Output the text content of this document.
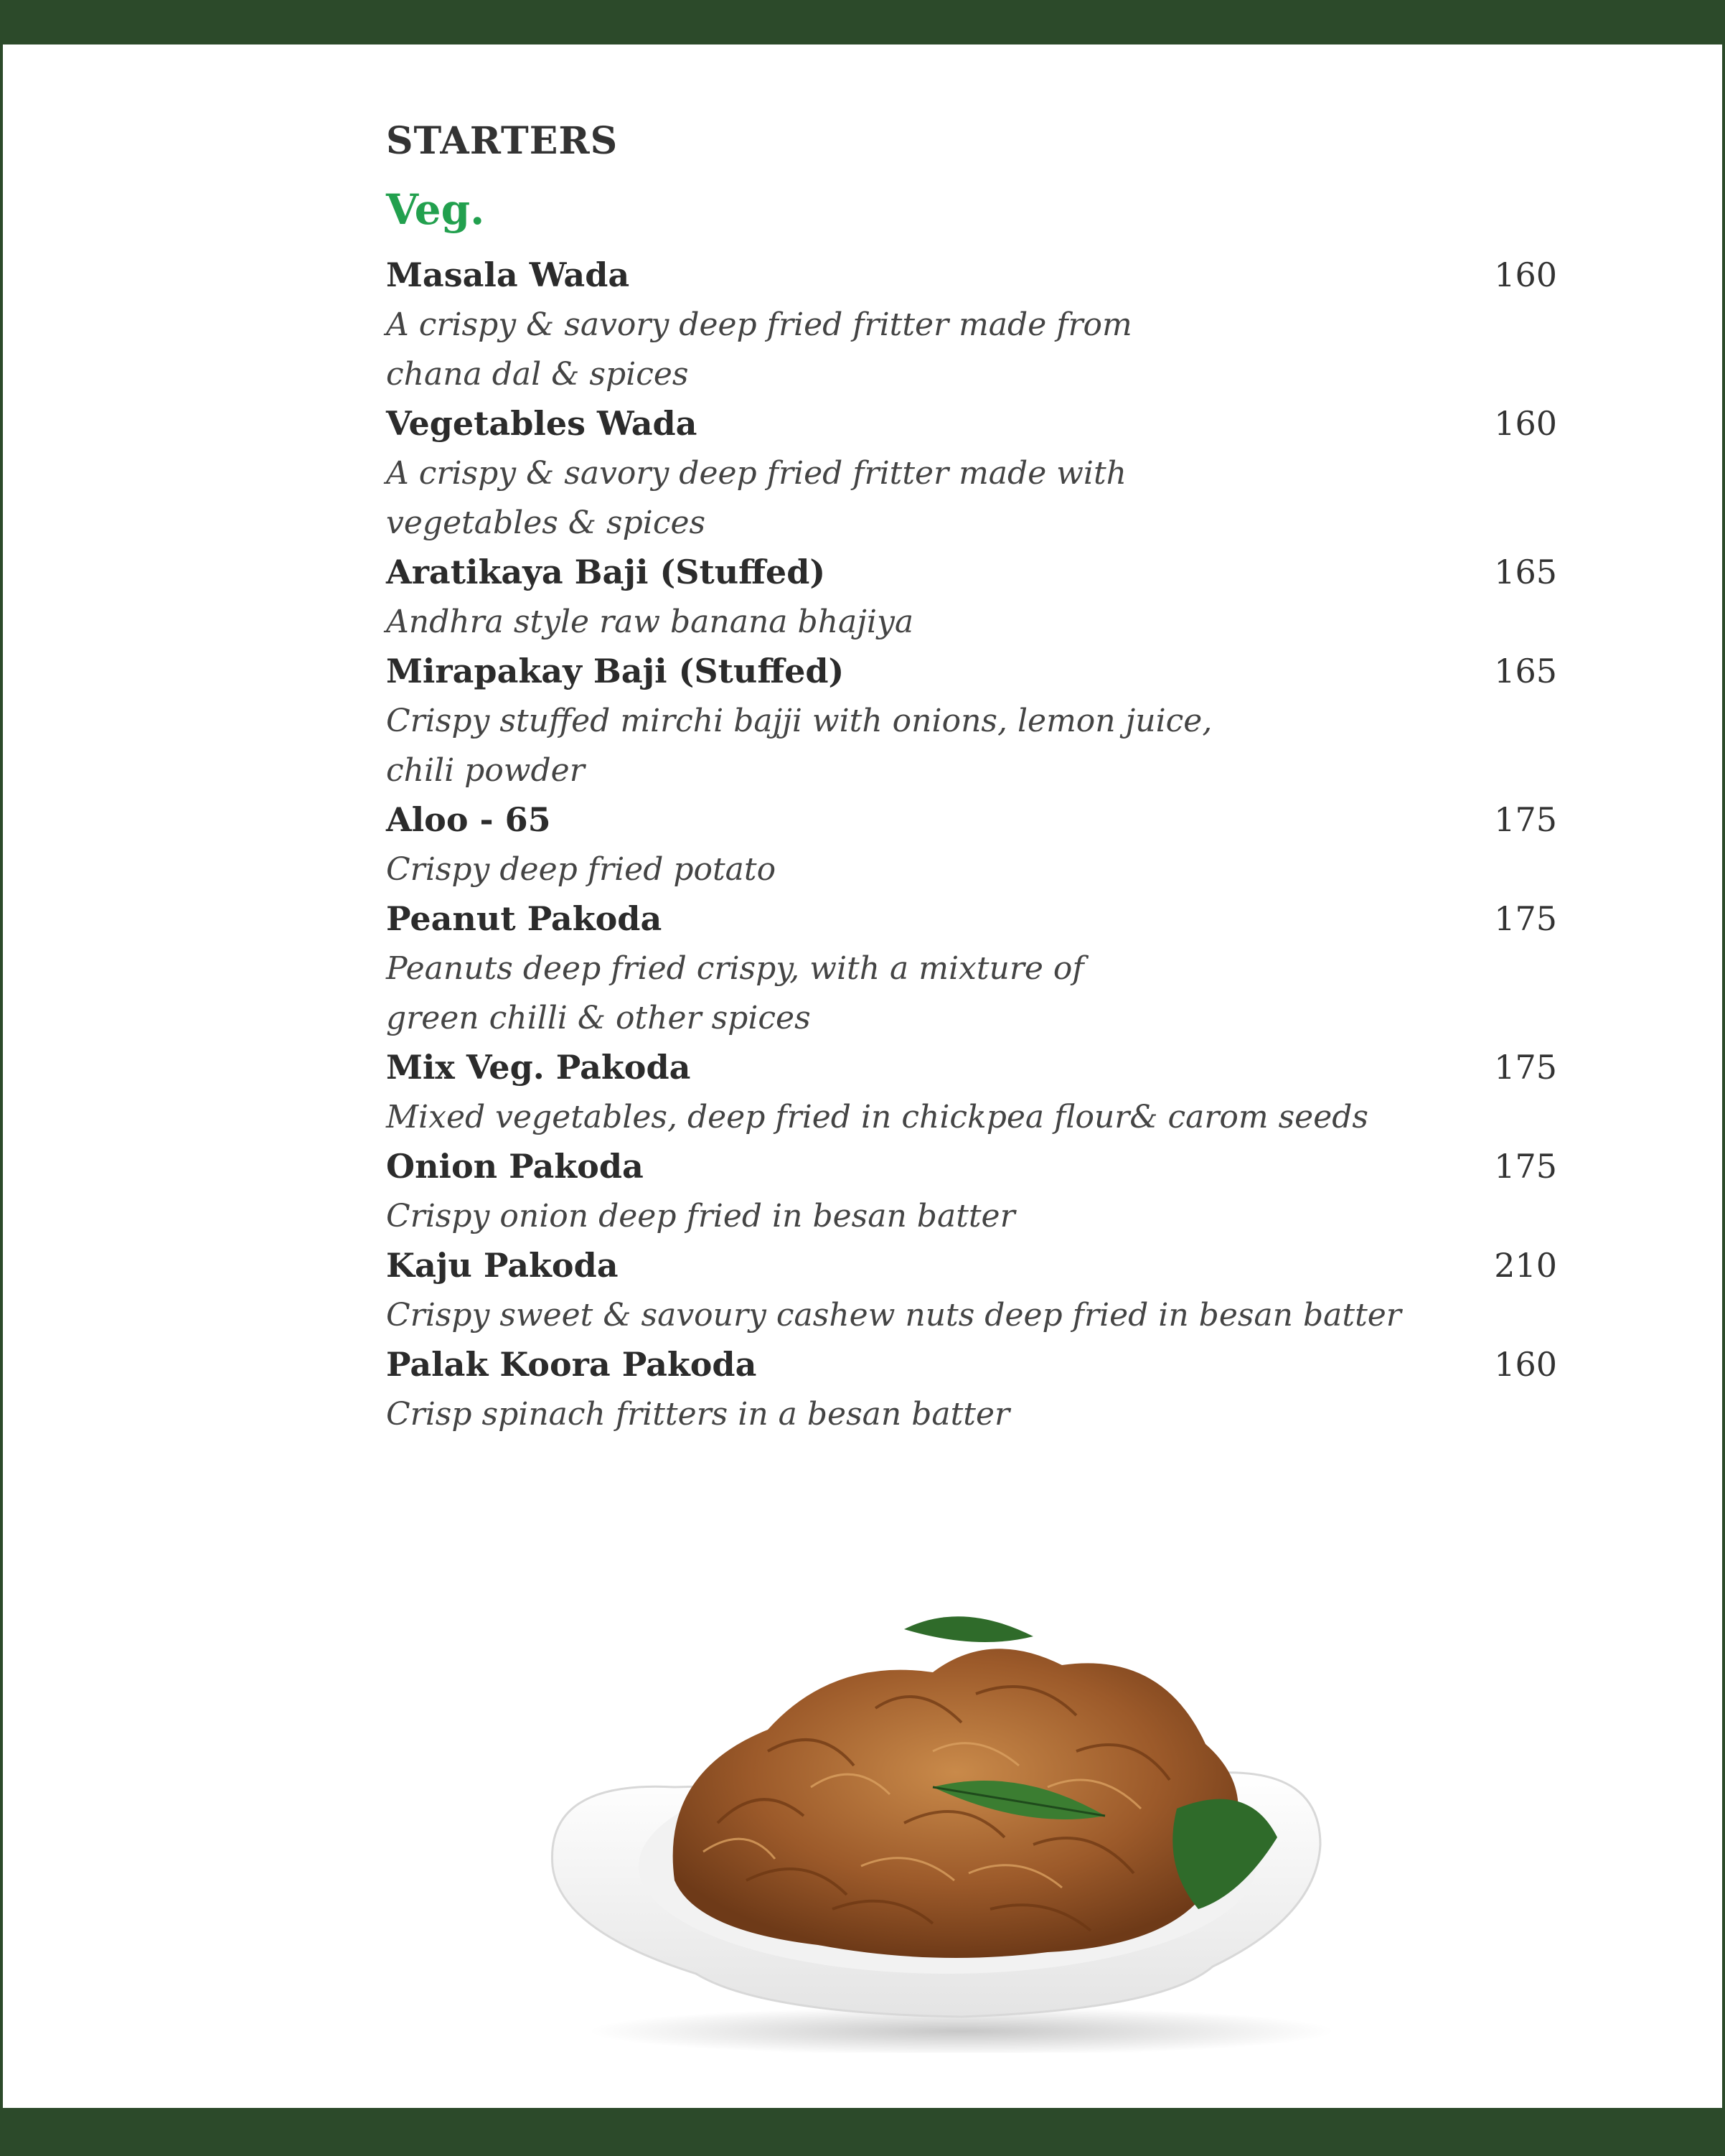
STARTERS
Veg.
Masala Wada	160
A crispy & savory deep fried fritter made from
chana dal & spices
Vegetables Wada	160
A crispy & savory deep fried fritter made with
vegetables & spices
Aratikaya Baji (Stuffed)	165
Andhra style raw banana bhajiya
Mirapakay Baji (Stuffed)	165
Crispy stuffed mirchi bajji with onions, lemon juice,
chili powder
Aloo - 65	175
Crispy deep fried potato
Peanut Pakoda	175
Peanuts deep fried crispy, with a mixture of
green chilli & other spices
Mix Veg. Pakoda	175
Mixed vegetables, deep fried in chickpea flour& carom seeds
Onion Pakoda	175
Crispy onion deep fried in besan batter
Kaju Pakoda	210
Crispy sweet & savoury cashew nuts deep fried in besan batter
Palak Koora Pakoda	160
Crisp spinach fritters in a besan batter
